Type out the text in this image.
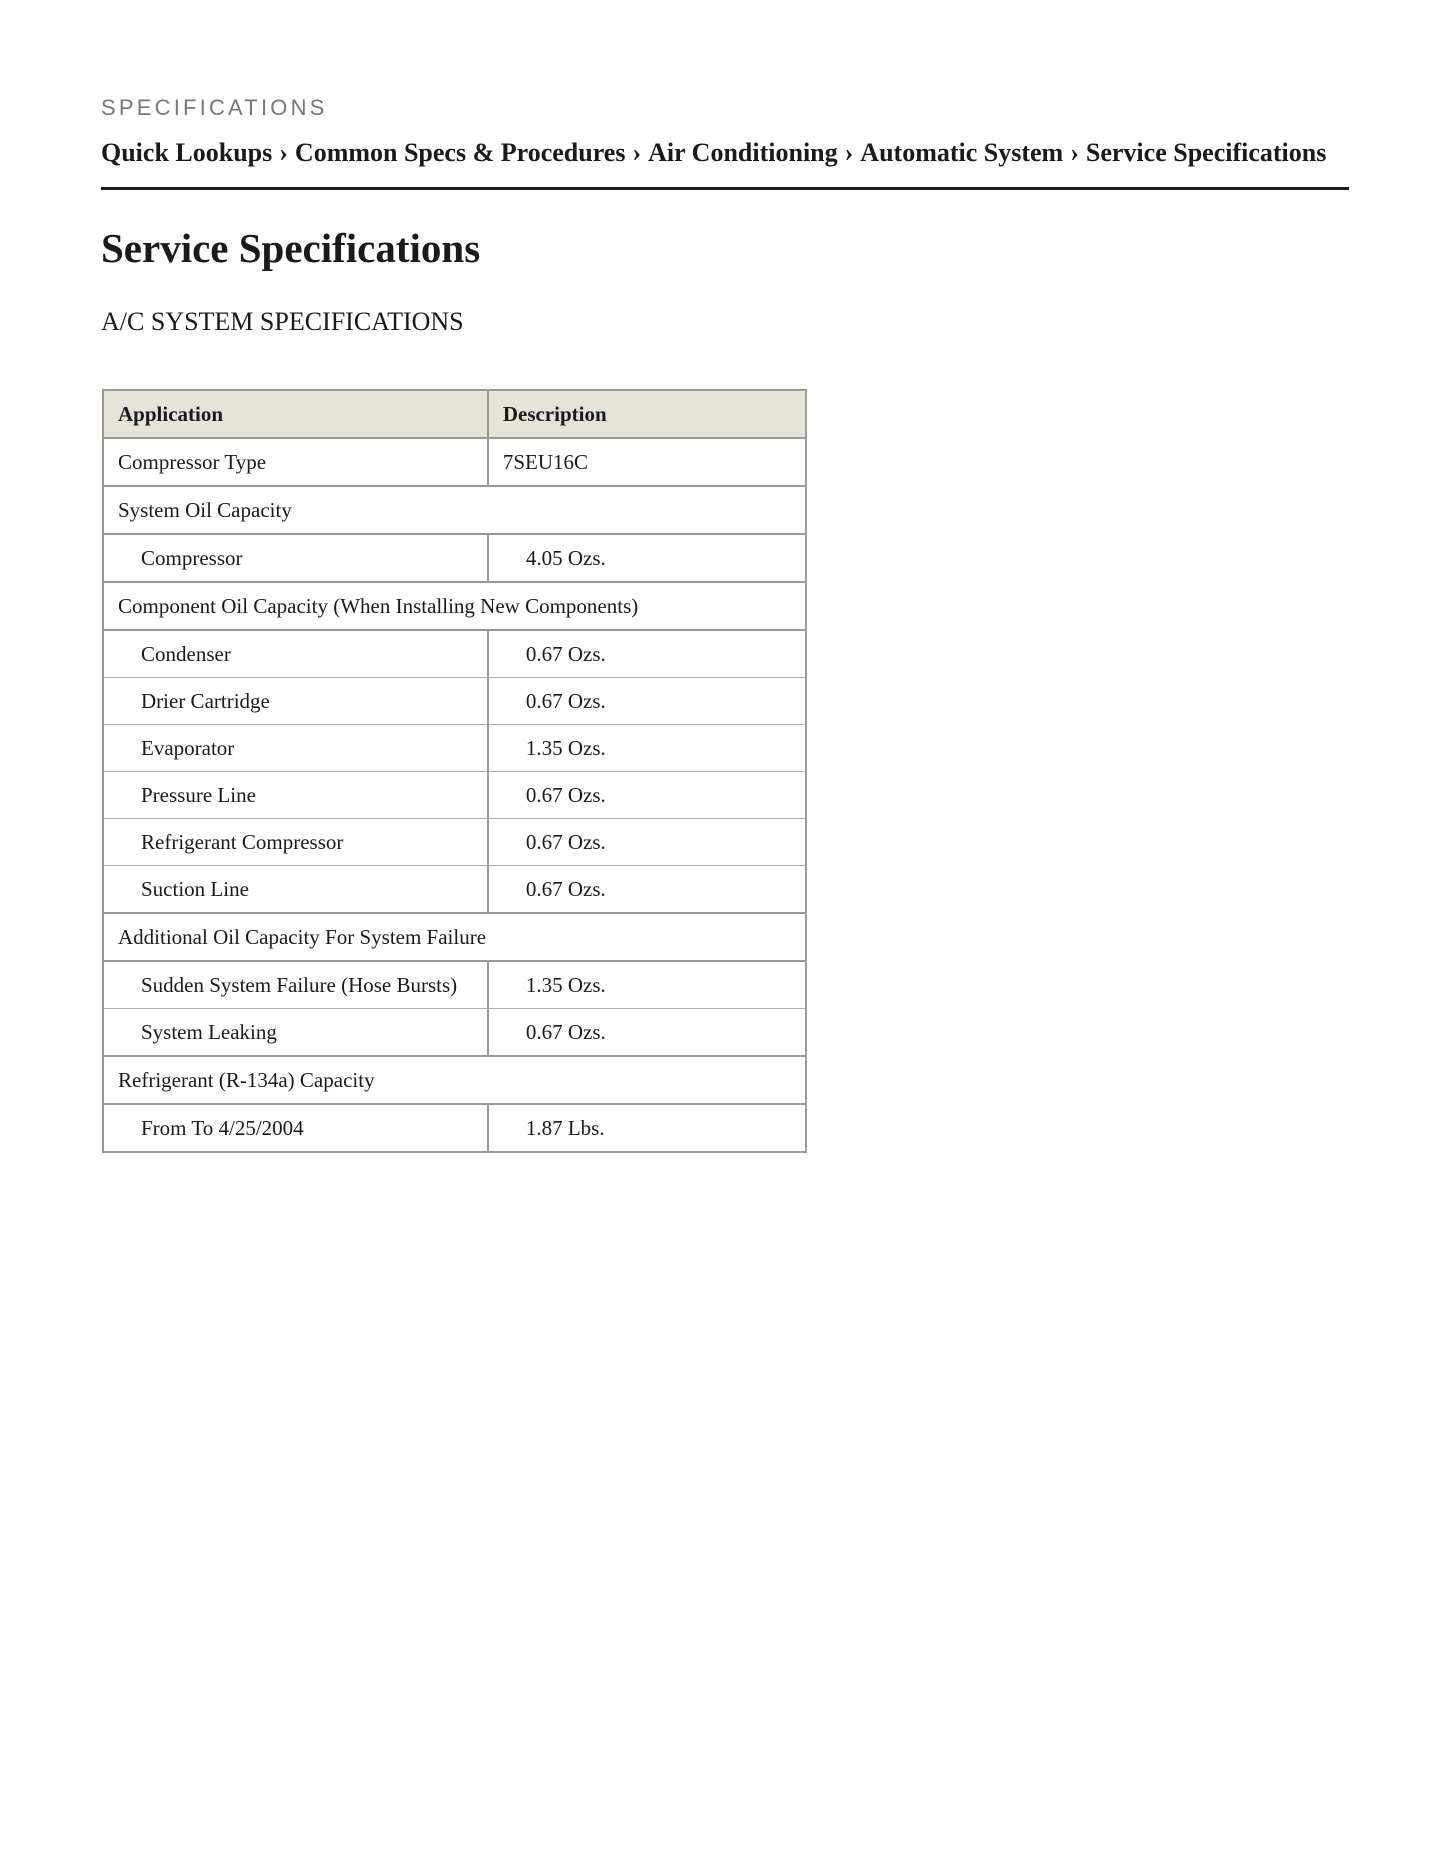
SPECIFICATIONS
Quick Lookups › Common Specs & Procedures › Air Conditioning › Automatic System › Service Specifications
Service Specifications
A/C SYSTEM SPECIFICATIONS
Application	Description
Compressor Type	7SEU16C
System Oil Capacity	
Compressor	4.05 Ozs.
Component Oil Capacity (When Installing New Components)	
Condenser	0.67 Ozs.
Drier Cartridge	0.67 Ozs.
Evaporator	1.35 Ozs.
Pressure Line	0.67 Ozs.
Refrigerant Compressor	0.67 Ozs.
Suction Line	0.67 Ozs.
Additional Oil Capacity For System Failure	
Sudden System Failure (Hose Bursts)	1.35 Ozs.
System Leaking	0.67 Ozs.
Refrigerant (R-134a) Capacity	
From To 4/25/2004	1.87 Lbs.
